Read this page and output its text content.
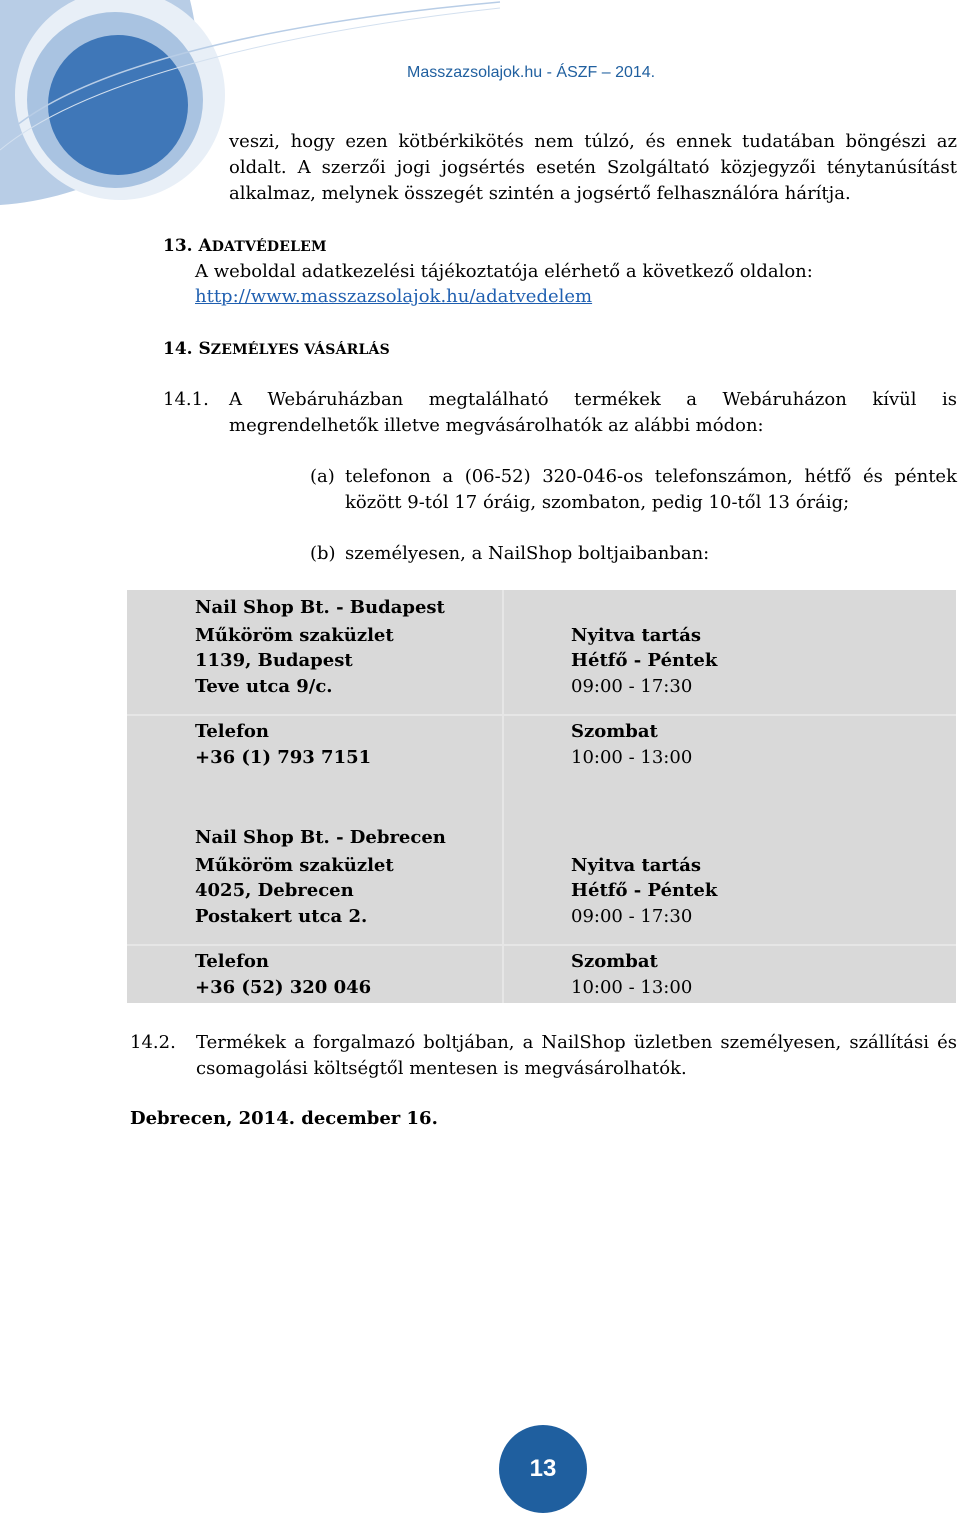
Masszazsolajok.hu - ÁSZF – 2014.
veszi, hogy ezen kötbérkikötés nem túlzó, és ennek tudatában böngészi az
oldalt. A szerzői jogi jogsértés esetén Szolgáltató közjegyzői ténytanúsítást
alkalmaz, melynek összegét szintén a jogsértő felhasználóra hárítja.
13. ADATVÉDELEM
A weboldal adatkezelési tájékoztatója elérhető a következő oldalon:
http://www.masszazsolajok.hu/adatvedelem
14. SZEMÉLYES VÁSÁRLÁS
14.1. A Webáruházban megtalálható termékek a Webáruházon kívül is
megrendelhetők illetve megvásárolhatók az alábbi módon:
(a) telefonon a (06-52) 320-046-os telefonszámon, hétfő és péntek
között 9-tól 17 óráig, szombaton, pedig 10-től 13 óráig;
(b) személyesen, a NailShop boltjaibanban:
Nail Shop Bt. - Budapest
Műköröm szaküzlet
1139, Budapest
Teve utca 9/c.
Telefon
+36 (1) 793 7151
Nyitva tartás
Hétfő - Péntek
09:00 - 17:30
Szombat
10:00 - 13:00
Nail Shop Bt. - Debrecen
Műköröm szaküzlet
4025, Debrecen
Postakert utca 2.
Telefon
+36 (52) 320 046
Nyitva tartás
Hétfő - Péntek
09:00 - 17:30
Szombat
10:00 - 13:00
14.2. Termékek a forgalmazó boltjában, a NailShop üzletben személyesen, szállítási és
csomagolási költségtől mentesen is megvásárolhatók.
Debrecen, 2014. december 16.
13
